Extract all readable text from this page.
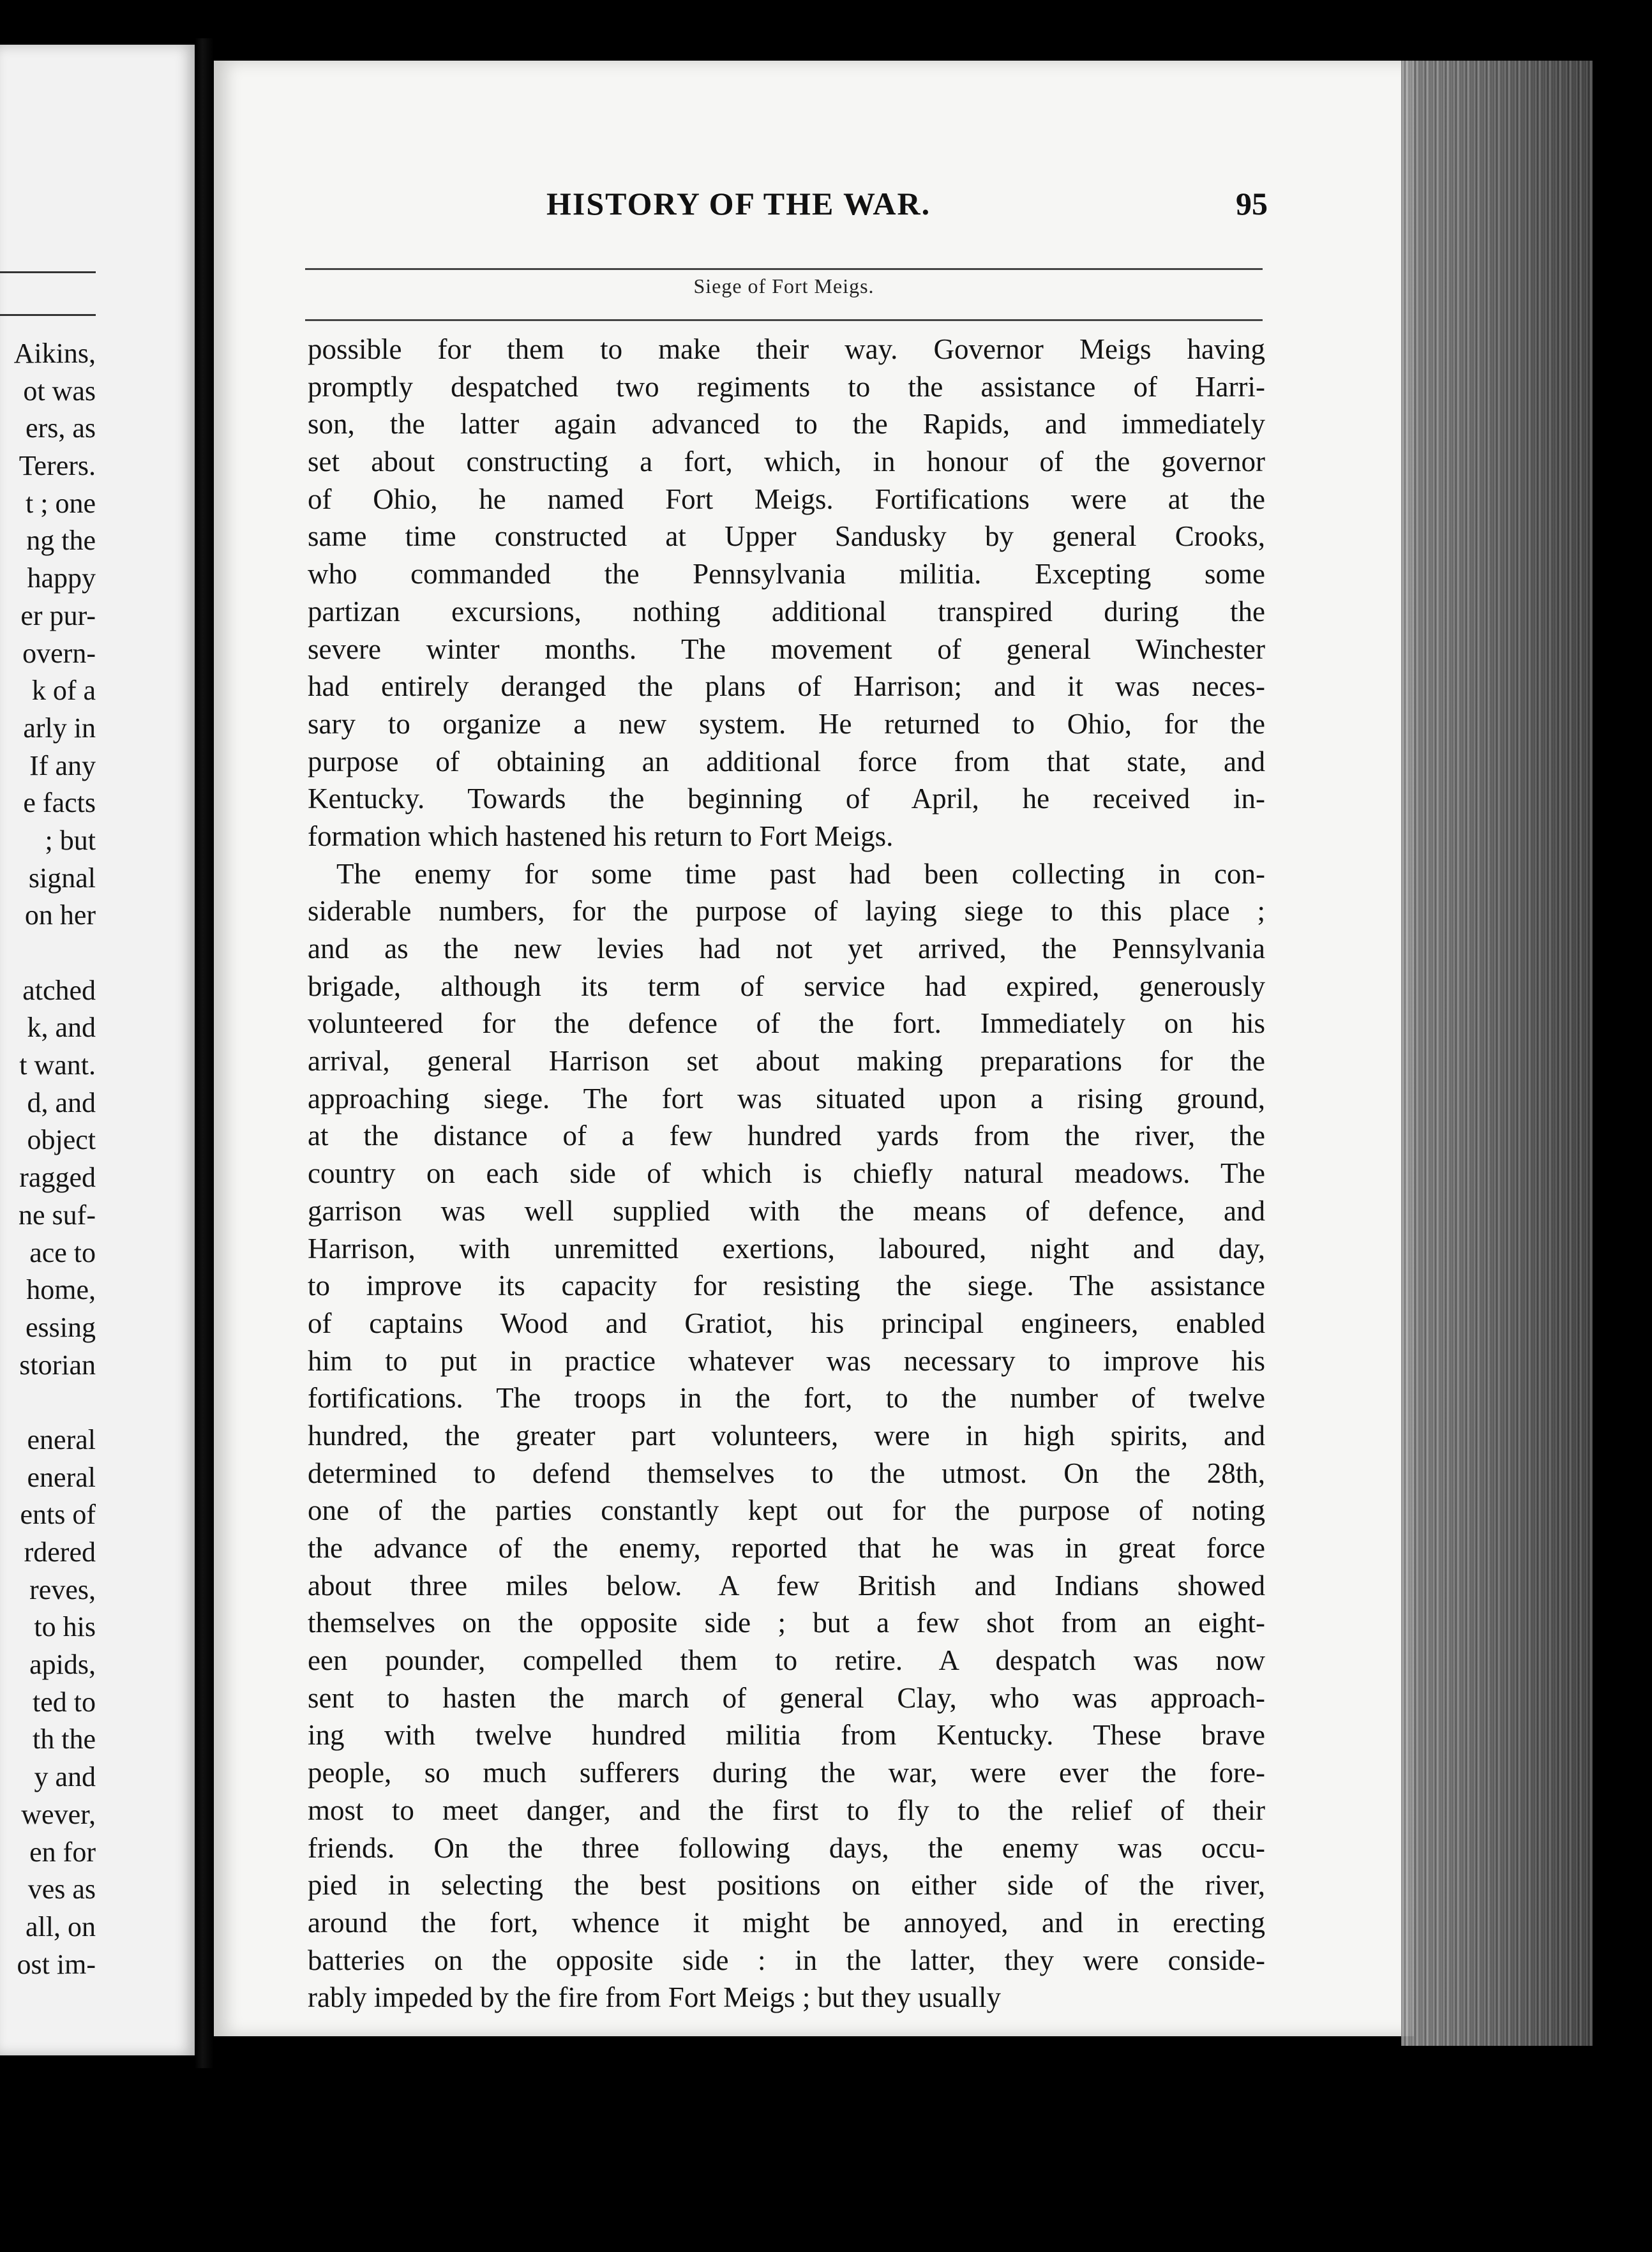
Aikins,
ot was
ers, as
Terers.
t ; one
ng the
happy
er pur-
overn-
k of a
arly in
If any
e facts
; but
signal
on her
atched
k, and
t want.
d, and
object
ragged
ne suf-
ace to
home,
essing
storian
eneral
eneral
ents of
rdered
reves,
to his
apids,
ted to
th the
y and
wever,
en for
ves as
all, on
ost im-
HISTORY OF THE WAR.	95
Siege of Fort Meigs.
possible for them to make their way. Governor Meigs having
promptly despatched two regiments to the assistance of Harri-
son, the latter again advanced to the Rapids, and immediately
set about constructing a fort, which, in honour of the governor
of Ohio, he named Fort Meigs. Fortifications were at the
same time constructed at Upper Sandusky by general Crooks,
who commanded the Pennsylvania militia. Excepting some
partizan excursions, nothing additional transpired during the
severe winter months. The movement of general Winchester
had entirely deranged the plans of Harrison; and it was neces-
sary to organize a new system. He returned to Ohio, for the
purpose of obtaining an additional force from that state, and
Kentucky. Towards the beginning of April, he received in-
formation which hastened his return to Fort Meigs.
The enemy for some time past had been collecting in con-
siderable numbers, for the purpose of laying siege to this place ;
and as the new levies had not yet arrived, the Pennsylvania
brigade, although its term of service had expired, generously
volunteered for the defence of the fort. Immediately on his
arrival, general Harrison set about making preparations for the
approaching siege. The fort was situated upon a rising ground,
at the distance of a few hundred yards from the river, the
country on each side of which is chiefly natural meadows. The
garrison was well supplied with the means of defence, and
Harrison, with unremitted exertions, laboured, night and day,
to improve its capacity for resisting the siege. The assistance
of captains Wood and Gratiot, his principal engineers, enabled
him to put in practice whatever was necessary to improve his
fortifications. The troops in the fort, to the number of twelve
hundred, the greater part volunteers, were in high spirits, and
determined to defend themselves to the utmost. On the 28th,
one of the parties constantly kept out for the purpose of noting
the advance of the enemy, reported that he was in great force
about three miles below. A few British and Indians showed
themselves on the opposite side ; but a few shot from an eight-
een pounder, compelled them to retire. A despatch was now
sent to hasten the march of general Clay, who was approach-
ing with twelve hundred militia from Kentucky. These brave
people, so much sufferers during the war, were ever the fore-
most to meet danger, and the first to fly to the relief of their
friends. On the three following days, the enemy was occu-
pied in selecting the best positions on either side of the river,
around the fort, whence it might be annoyed, and in erecting
batteries on the opposite side : in the latter, they were conside-
rably impeded by the fire from Fort Meigs ; but they usually
